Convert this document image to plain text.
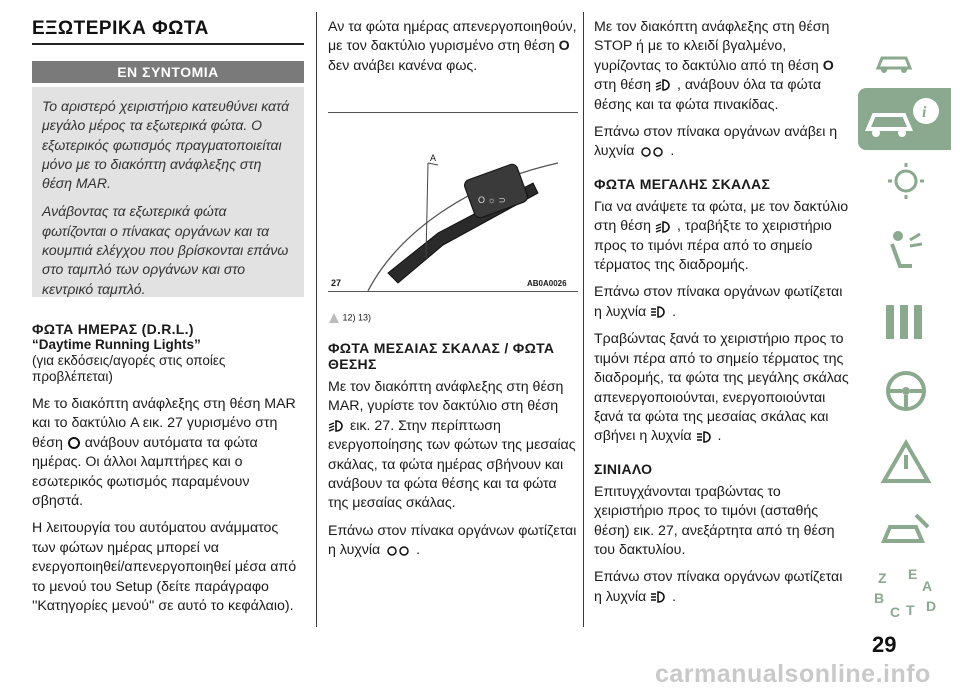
ΕΞΩΤΕΡΙΚΑ ΦΩΤΑ
ΕΝ ΣΥΝΤΟΜΙΑ

Το αριστερό χειριστήριο κατευθύνει κατά μεγάλο μέρος τα εξωτερικά φώτα. Ο εξωτερικός φωτισμός πραγματοποιείται μόνο με το διακόπτη ανάφλεξης στη θέση MAR.

Ανάβοντας τα εξωτερικά φώτα φωτίζονται ο πίνακας οργάνων και τα κουμπιά ελέγχου που βρίσκονται επάνω στο ταμπλό των οργάνων και στο κεντρικό ταμπλό.

ΦΩΤΑ ΗΜΕΡΑΣ (D.R.L.)

“Daytime Running Lights”

(για εκδόσεις/αγορές στις οποίες προβλέπεται)

Με το διακόπτη ανάφλεξης στη θέση MAR και το δακτύλιο A εικ. 27 γυρισμένο στη θέση ανάβουν αυτόματα τα φώτα ημέρας. Οι άλλοι λαμπτήρες και ο εσωτερικός φωτισμός παραμένουν σβηστά.

Η λειτουργία του αυτόματου ανάμματος των φώτων ημέρας μπορεί να ενεργοποιηθεί/απενεργοποιηθεί μέσα από το μενού του Setup (δείτε παράγραφο ''Κατηγορίες μενού'' σε αυτό το κεφάλαιο).

Αν τα φώτα ημέρας απενεργοποιηθούν, με τον δακτύλιο γυρισμένο στη θέση O δεν ανάβει κανένα φως.

O ☼ ⊃
A
27	AB0A0026
12) 13)

ΦΩΤΑ ΜΕΣΑΙΑΣ ΣΚΑΛΑΣ / ΦΩΤΑ ΘΕΣΗΣ

Με τον διακόπτη ανάφλεξης στη θέση MAR, γυρίστε τον δακτύλιο στη θέση  εικ. 27. Στην περίπτωση ενεργοποίησης των φώτων της μεσαίας σκάλας, τα φώτα ημέρας σβήνουν και ανάβουν τα φώτα θέσης και τα φώτα της μεσαίας σκάλας.

Επάνω στον πίνακα οργάνων φωτίζεται η λυχνία	.

Με τον διακόπτη ανάφλεξης στη θέση STOP ή με το κλειδί βγαλμένο, γυρίζοντας το δακτύλιο από τη θέση O στη θέση , ανάβουν όλα τα φώτα θέσης και τα φώτα πινακίδας.

Επάνω στον πίνακα οργάνων ανάβει η λυχνία	.

ΦΩΤΑ ΜΕΓΑΛΗΣ ΣΚΑΛΑΣ

Για να ανάψετε τα φώτα, με τον δακτύλιο στη θέση , τραβήξτε το χειριστήριο προς το τιμόνι πέρα από το σημείο τέρματος της διαδρομής.

Επάνω στον πίνακα οργάνων φωτίζεται η λυχνία .

Τραβώντας ξανά το χειριστήριο προς το τιμόνι πέρα από το σημείο τέρματος της διαδρομής, τα φώτα της μεγάλης σκάλας απενεργοποιούνται, ενεργοποιούνται ξανά τα φώτα της μεσαίας σκάλας και σβήνει η λυχνία .

ΣΙΝΙΑΛΟ

Επιτυγχάνονται τραβώντας το χειριστήριο προς το τιμόνι (ασταθής θέση) εικ. 27, ανεξάρτητα από τη θέση του δακτυλίου.

Επάνω στον πίνακα οργάνων φωτίζεται η λυχνία .

i
Z E
A
B
C T D
29
carmanualsonline.info
